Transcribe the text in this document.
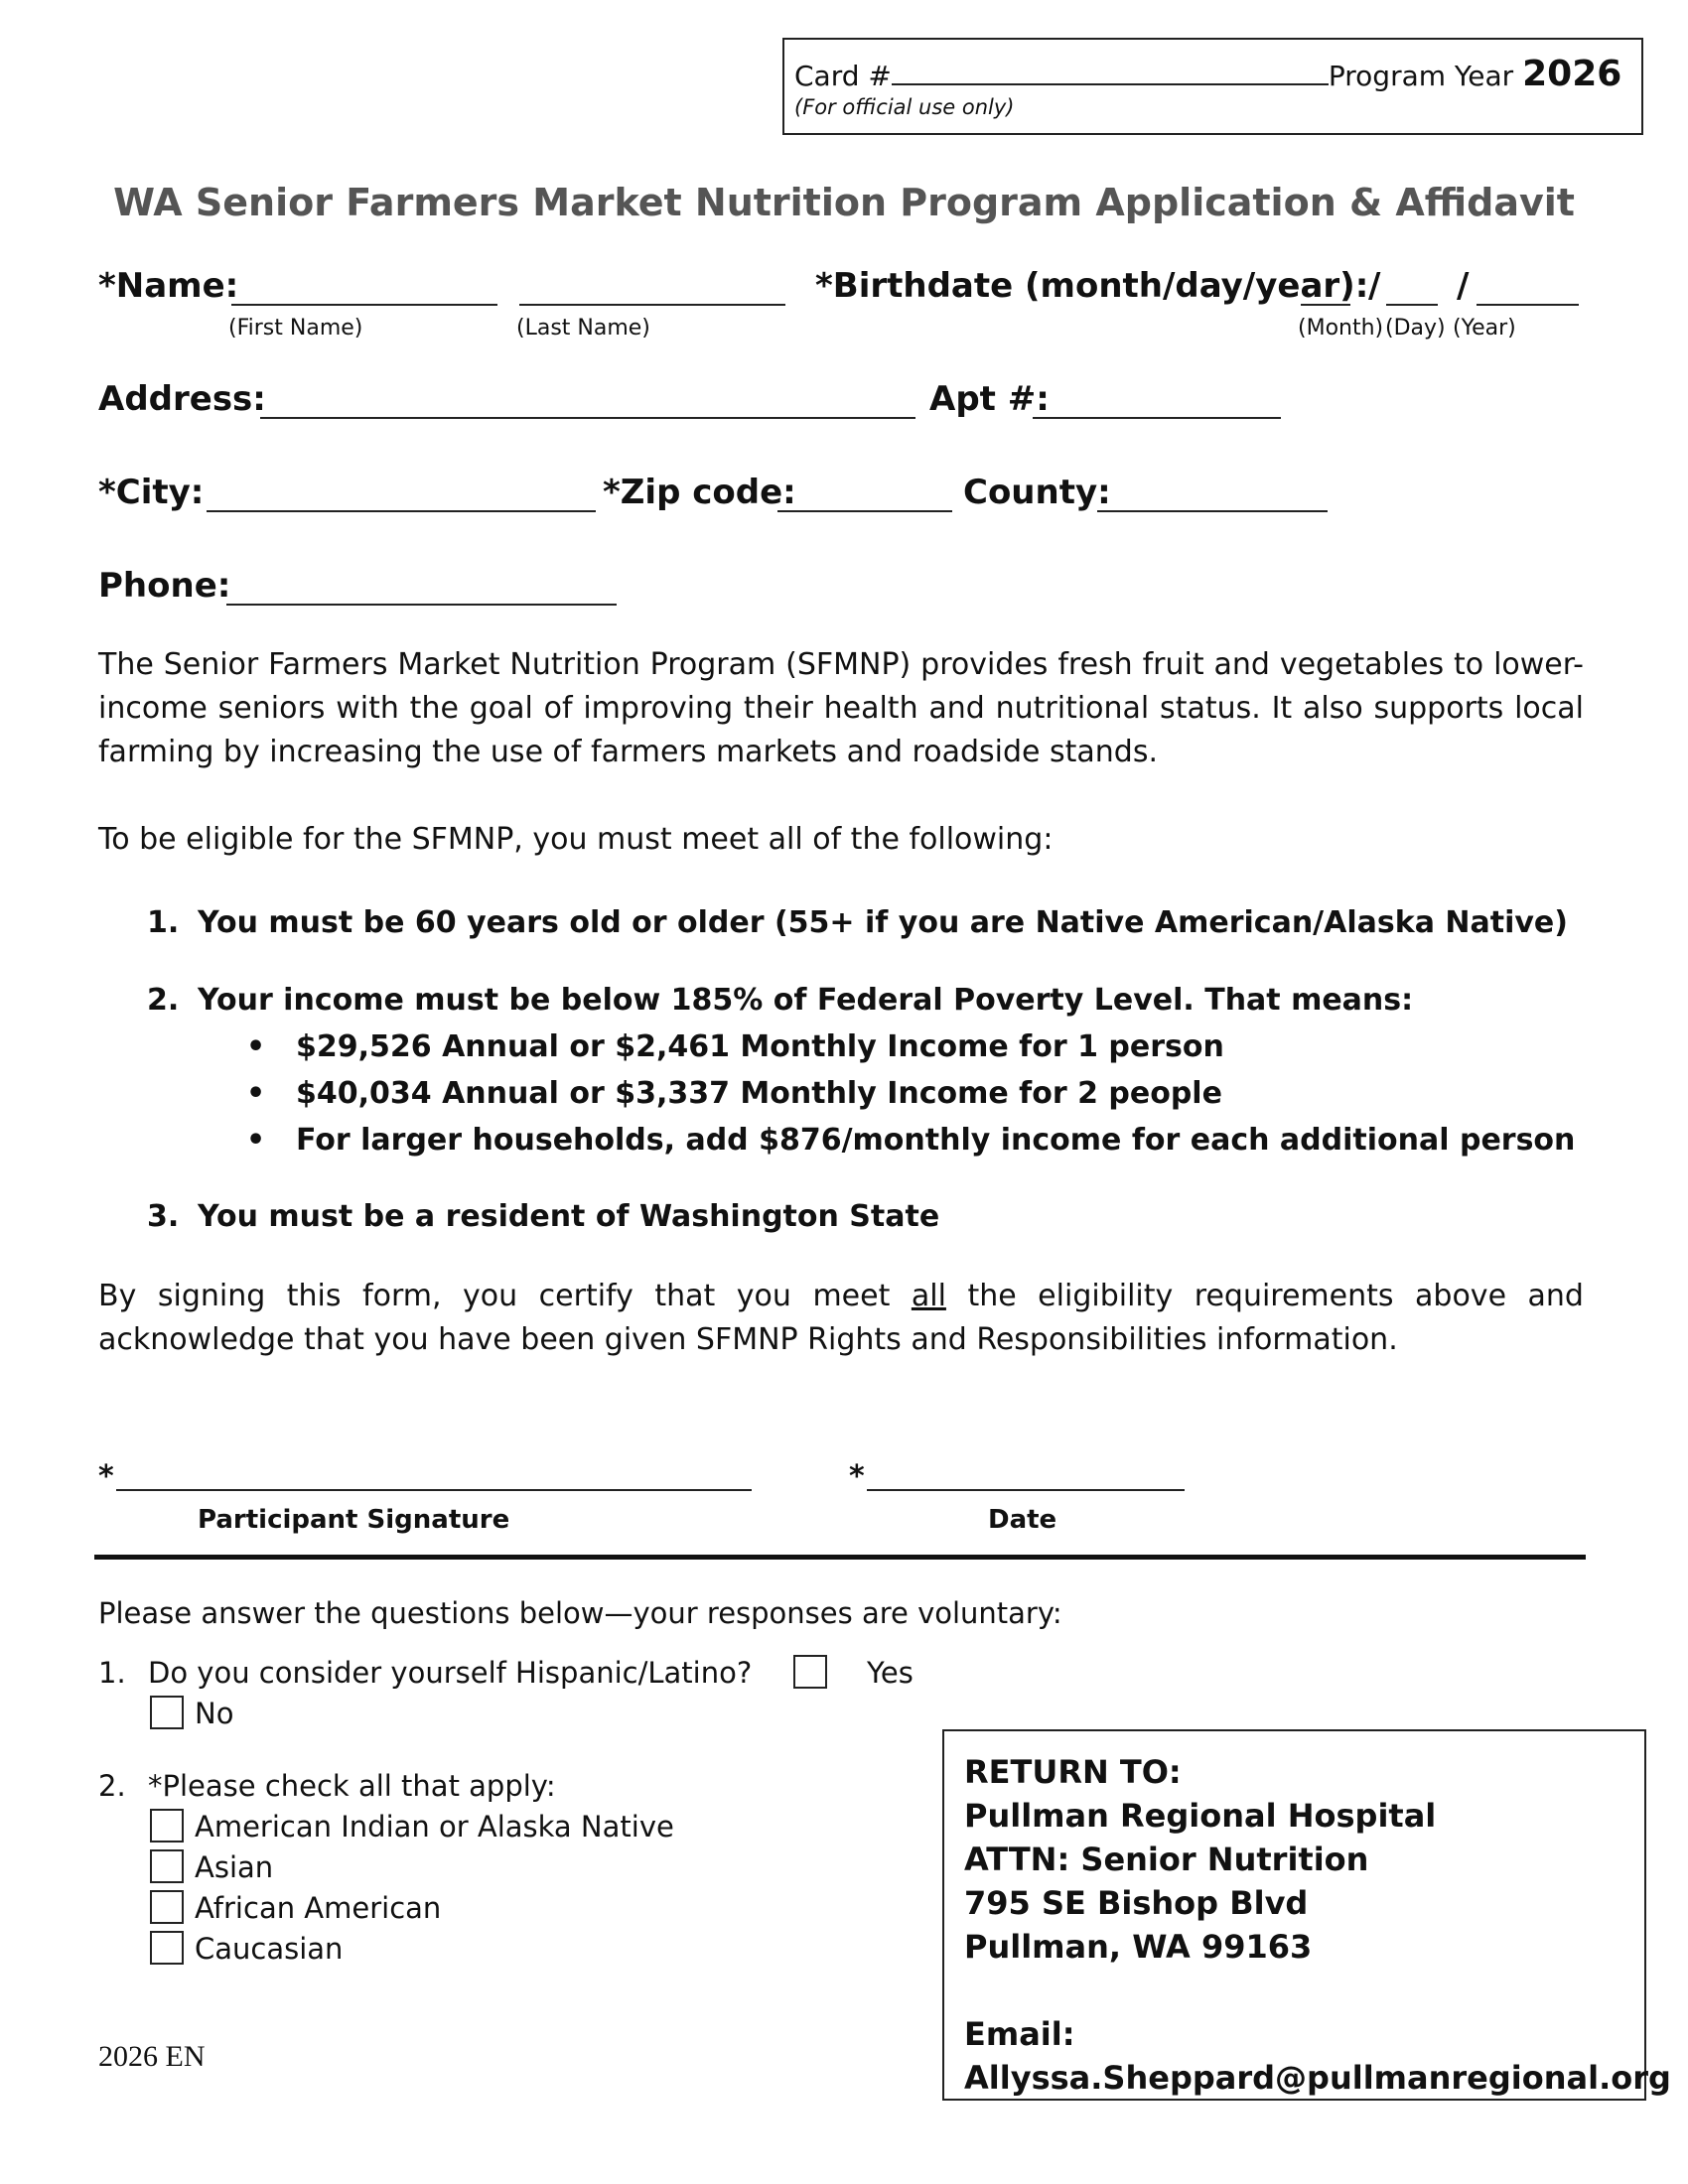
Card #	Program Year 2026
(For official use only)
WA Senior Farmers Market Nutrition Program Application & Affidavit
*Name:
(First Name)	(Last Name)
*Birthdate (month/day/year): / /
(Month) (Day) (Year)
Address:	Apt #:
*City:	*Zip code:	County:
Phone:
The Senior Farmers Market Nutrition Program (SFMNP) provides fresh fruit and vegetables to lower-income seniors with the goal of improving their health and nutritional status. It also supports local farming by increasing the use of farmers markets and roadside stands.
To be eligible for the SFMNP, you must meet all of the following:
1. You must be 60 years old or older (55+ if you are Native American/Alaska Native)
2. Your income must be below 185% of Federal Poverty Level. That means:
• $29,526 Annual or $2,461 Monthly Income for 1 person
• $40,034 Annual or $3,337 Monthly Income for 2 people
• For larger households, add $876/monthly income for each additional person
3. You must be a resident of Washington State
By signing this form, you certify that you meet all the eligibility requirements above and acknowledge that you have been given SFMNP Rights and Responsibilities information.
*	*
Participant Signature	Date
Please answer the questions below—your responses are voluntary:
1. Do you consider yourself Hispanic/Latino?	Yes
No
2. *Please check all that apply:
American Indian or Alaska Native
Asian
African American
Caucasian
RETURN TO:
Pullman Regional Hospital
ATTN: Senior Nutrition
795 SE Bishop Blvd
Pullman, WA 99163
Email:
Allyssa.Sheppard@pullmanregional.org
2026 EN
